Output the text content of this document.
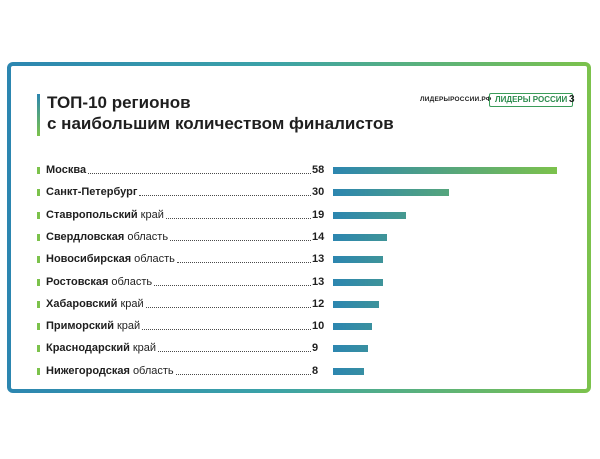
ТОП-10 регионов
с наибольшим количеством финалистов
ЛИДЕРЫРОССИИ.РФ ЛИДЕРЫ РОССИИ 3
Москва	58
Санкт-Петербург	30
Ставропольский край	19
Свердловская область	14
Новосибирская область	13
Ростовская область	13
Хабаровский край	12
Приморский край	10
Краснодарский край	9
Нижегородская область	8
